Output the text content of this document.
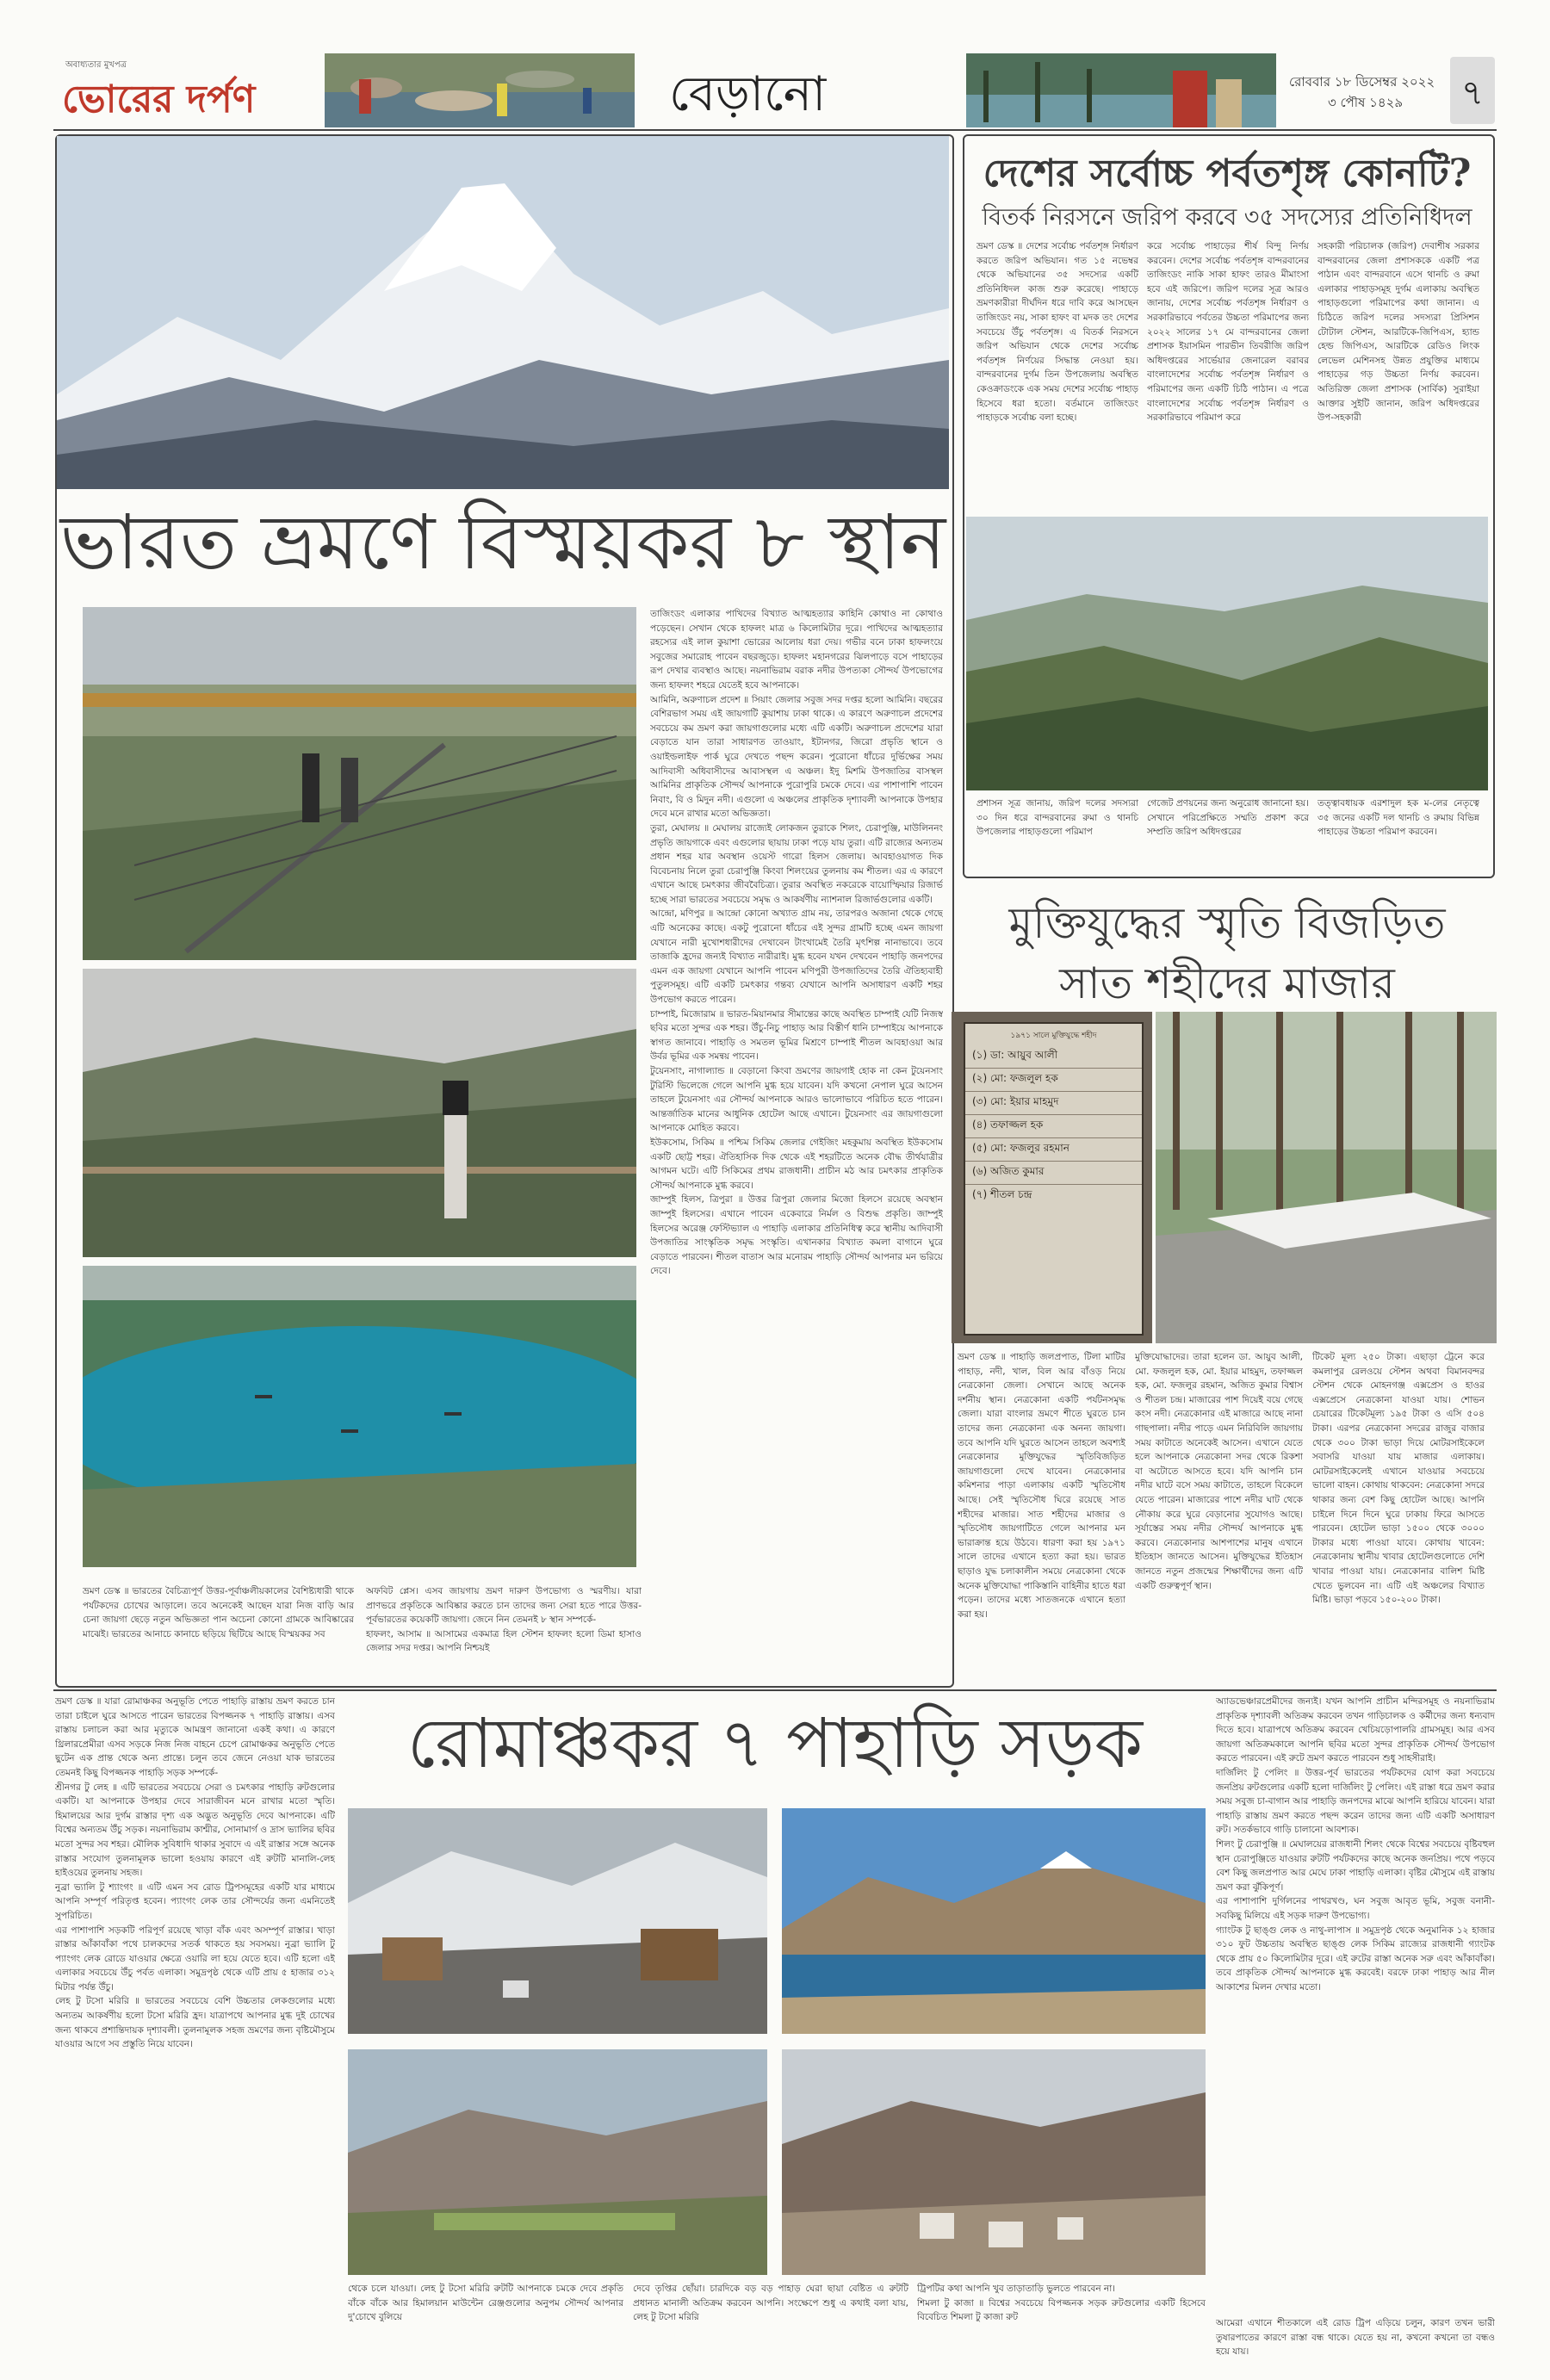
অবাধ্যতার মুখপত্র
ভোরের দর্পণ	বেড়ানো	রোববার ১৮ ডিসেম্বর ২০২২
৩ পৌষ ১৪২৯	৭
ভারত ভ্রমণে বিস্ময়কর ৮ স্থান
তাজিংডং এলাকার পাখিদের বিখ্যাত আত্মহত্যার কাহিনি কোথাও না কোথাও পড়েছেন। সেখান থেকে হাফলং মাত্র ৬ কিলোমিটার দূরে। পাখিদের আত্মহত্যার রহস্যের এই লাল কুয়াশা ভোরের আলোয় ধরা দেয়। গভীর বনে ঢাকা হাফলংয়ে সবুজের সমারোহ পাবেন বছরজুড়ে। হাফলং মহানগরের ঝিলপাড়ে বসে পাহাড়ের রূপ দেখার ব্যবস্থাও আছে। নয়নাভিরাম বরাক নদীর উপত্যকা সৌন্দর্য উপভোগের জন্য হাফলং শহরে যেতেই হবে আপনাকে।
আমিনি, অরুণাচল প্রদেশ ॥ সিয়াং জেলার সবুজ সদর দপ্তর হলো আমিনি। বছরের বেশিরভাগ সময় এই জায়গাটি কুয়াশায় ঢাকা থাকে। এ কারণে অরুণাচল প্রদেশের সবচেয়ে কম ভ্রমণ করা জায়গাগুলোর মধ্যে এটি একটি। অরুণাচল প্রদেশের যারা বেড়াতে যান তারা সাধারণত তাওয়াং, ইটানগর, জিরো প্রভৃতি স্থানে ও ওয়াইল্ডলাইফ পার্ক ঘুরে দেখতে পছন্দ করেন। পুরোনো ধাঁচের দুর্ভিক্ষের সময় আদিবাসী অধিবাসীদের আবাসস্থল এ অঞ্চল। ইদু মিশমি উপজাতির বাসস্থল আমিনির প্রাকৃতিক সৌন্দর্য আপনাকে পুরোপুরি চমকে দেবে। এর পাশাপাশি পাবেন নিবাং, বি ও মিদুন নদী। এগুলো এ অঞ্চলের প্রাকৃতিক দৃশ্যাবলী আপনাকে উপহার দেবে মনে রাখার মতো অভিজ্ঞতা।
তুরা, মেঘালয় ॥ মেঘালয় রাজ্যেই লোকজন তুরাকে শিলং, চেরাপুঞ্জি, মাউলিননং প্রভৃতি জায়গাকে এবং এগুলোর ছায়ায় ঢাকা পড়ে যায় তুরা। এটি রাজ্যের অন্যতম প্রধান শহর যার অবস্থান ওয়েস্ট গারো হিলস জেলায়। আবহাওয়াগত দিক বিবেচনায় নিলে তুরা চেরাপুঞ্জি কিংবা শিলংয়ের তুলনায় কম শীতল। এর এ কারণে এখানে আছে চমৎকার জীববৈচিত্র্য। তুরার অবস্থিত নকরেকে বায়োস্ফিয়ার রিজার্ভ হচ্ছে সারা ভারতের সবচেয়ে সমৃদ্ধ ও আকর্ষণীয় ন্যাশনাল রিজার্ভগুলোর একটি।
আন্দ্রো, মণিপুর ॥ আন্দ্রো কোনো অখ্যাত গ্রাম নয়, তারপরও অজানা থেকে গেছে এটি অনেকের কাছে। একটু পুরোনো ধাঁচের এই সুন্দর গ্রামটি হচ্ছে এমন জায়গা যেখানে নারী মুখোশধারীদের দেখাবেন টাংখামেই তৈরি মৃৎশিল্প নানাভাবে। তবে তাজাকি হ্রদের জন্যই বিখ্যাত নারীরাই। মুগ্ধ হবেন যখন দেখবেন পাহাড়ি জনপদের এমন এক জায়গা যেখানে আপনি পাবেন মণিপুরী উপজাতিদের তৈরি ঐতিহ্যবাহী পুতুলসমূহ। এটি একটি চমৎকার গন্তব্য যেখানে আপনি অসাধারণ একটি শহর উপভোগ করতে পারেন।
চাম্পাই, মিজোরাম ॥ ভারত-মিয়ানমার সীমান্তের কাছে অবস্থিত চাম্পাই যেটি নিজস্ব ছবির মতো সুন্দর এক শহর। উঁচু-নিচু পাহাড় আর বিস্তীর্ণ ধানি চাম্পাইয়ে আপনাকে স্বাগত জানাবে। পাহাড়ি ও সমতল ভূমির মিশ্রণে চাম্পাই শীতল আবহাওয়া আর উর্বর ভূমির এক সমন্বয় পাবেন।
টুয়েনসাং, নাগাল্যান্ড ॥ বেড়ানো কিংবা ভ্রমণের জায়গাই হোক না কেন টুয়েনসাং টুরিস্টি ভিলেজে গেলে আপনি মুগ্ধ হয়ে যাবেন। যদি কখনো নেপাল ঘুরে আসেন তাহলে টুয়েনসাং এর সৌন্দর্য আপনাকে আরও ভালোভাবে পরিচিত হতে পারেন। আন্তর্জাতিক মানের আধুনিক হোটেল আছে এখানে। টুয়েনসাং এর জায়গাগুলো আপনাকে মোহিত করবে।
ইউকসোম, সিকিম ॥ পশ্চিম সিকিম জেলার গেইজিং মহকুমায় অবস্থিত ইউকসোম একটি ছোট্ট শহর। ঐতিহাসিক দিক থেকে এই শহরটিতে অনেক বৌদ্ধ তীর্থযাত্রীর আগমন ঘটে। এটি সিকিমের প্রথম রাজধানী। প্রাচীন মঠ আর চমৎকার প্রাকৃতিক সৌন্দর্য আপনাকে মুগ্ধ করবে।
জাম্পুই হিলস, ত্রিপুরা ॥ উত্তর ত্রিপুরা জেলার মিজো হিলসে রয়েছে অবস্থান জাম্পুই হিলসের। এখানে পাবেন একেবারে নির্মল ও বিশুদ্ধ প্রকৃতি। জাম্পুই হিলসের অরেঞ্জ ফেস্টিভ্যাল এ পাহাড়ি এলাকার প্রতিনিধিত্ব করে স্থানীয় আদিবাসী উপজাতির সাংস্কৃতিক সমৃদ্ধ সংস্কৃতি। এখানকার বিখ্যাত কমলা বাগানে ঘুরে বেড়াতে পারবেন। শীতল বাতাস আর মনোরম পাহাড়ি সৌন্দর্য আপনার মন ভরিয়ে দেবে।
ভ্রমণ ডেস্ক ॥ ভারতের বৈচিত্র্যপূর্ণ উত্তর-পূর্বাঞ্চলীয়কালের বৈশিষ্ট্যধারী থাকে পর্যটকদের চোখের আড়ালে। তবে অনেকেই আছেন যারা নিজ বাড়ি আর চেনা জায়গা ছেড়ে নতুন অভিজ্ঞতা পান অচেনা কোনো গ্রামকে আবিষ্কারের মাঝেই। ভারতের আনাচে কানাচে ছড়িয়ে ছিটিয়ে আছে বিস্ময়কর সব
অফবিট প্লেস। এসব জায়গায় ভ্রমণ দারুণ উপভোগ্য ও স্মরণীয়। যারা প্রাণভরে প্রকৃতিকে আবিষ্কার করতে চান তাদের জন্য সেরা হতে পারে উত্তর-পূর্বভারতের কয়েকটি জায়গা। জেনে নিন তেমনই ৮ স্থান সম্পর্কে-
হাফলং, আসাম ॥ আসামের একমাত্র হিল স্টেশন হাফলং হলো ডিমা হাসাও জেলার সদর দপ্তর। আপনি নিশ্চয়ই
দেশের সর্বোচ্চ পর্বতশৃঙ্গ কোনটি?
বিতর্ক নিরসনে জরিপ করবে ৩৫ সদস্যের প্রতিনিধিদল
ভ্রমণ ডেস্ক ॥ দেশের সর্বোচ্চ পর্বতশৃঙ্গ নির্ধারণ করতে জরিপ অভিযান। গত ১৫ নভেম্বর থেকে অভিযানের ৩৫ সদস্যের একটি প্রতিনিধিদল কাজ শুরু করেছে। পাহাড়ে ভ্রমণকারীরা দীর্ঘদিন ধরে দাবি করে আসছেন তাজিংডং নয়, সাকা হাফং বা মদক তং দেশের সবচেয়ে উঁচু পর্বতশৃঙ্গ। এ বিতর্ক নিরসনে জরিপ অভিযান থেকে দেশের সর্বোচ্চ পর্বতশৃঙ্গ নির্ণয়ের সিদ্ধান্ত নেওয়া হয়। বান্দরবানের দুর্গম তিন উপজেলায় অবস্থিত কেওক্রাডংকে এক সময় দেশের সর্বোচ্চ পাহাড় হিসেবে ধরা হতো। বর্তমানে তাজিংডং পাহাড়কে সর্বোচ্চ বলা হচ্ছে।
করে সর্বোচ্চ পাহাড়ের শীর্ষ বিন্দু নির্ণয় করবেন। দেশের সর্বোচ্চ পর্বতশৃঙ্গ বান্দরবানের তাজিংডং নাকি সাকা হাফং তারও মীমাংসা হবে এই জরিপে। জরিপ দলের সূত্র আরও জানায়, দেশের সর্বোচ্চ পর্বতশৃঙ্গ নির্ধারণ ও সরকারিভাবে পর্বতের উচ্চতা পরিমাপের জন্য ২০২২ সালের ১৭ মে বান্দরবানের জেলা প্রশাসক ইয়াসমিন পারভীন তিবরীজি জরিপ অধিদপ্তরের সার্ভেয়ার জেনারেল বরাবর বাংলাদেশের সর্বোচ্চ পর্বতশৃঙ্গ নির্ধারণ ও পরিমাপের জন্য একটি চিঠি পাঠান। এ পত্রে বাংলাদেশের সর্বোচ্চ পর্বতশৃঙ্গ নির্ধারণ ও সরকারিভাবে পরিমাপ করে
সহকারী পরিচালক (জরিপ) দেবাশীষ সরকার বান্দরবানের জেলা প্রশাসককে একটি পত্র পাঠান এবং বান্দরবানে এসে থানচি ও রুমা এলাকার পাহাড়সমূহ দুর্গম এলাকায় অবস্থিত পাহাড়গুলো পরিমাপের কথা জানান। এ চিঠিতে জরিপ দলের সদস্যরা প্রিসিশন টোটাল স্টেশন, আরটিকে-জিপিএস, হ্যান্ড হেল্ড জিপিএস, আরটিকে রেডিও লিংক লেভেল মেশিনসহ উন্নত প্রযুক্তির মাধ্যমে পাহাড়ের গড় উচ্চতা নির্ণয় করবেন। অতিরিক্ত জেলা প্রশাসক (সার্বিক) সুরাইয়া আক্তার সুইটি জানান, জরিপ অধিদপ্তরের উপ-সহকারী
প্রশাসন সূত্র জানায়, জরিপ দলের সদস্যরা ৩০ দিন ধরে বান্দরবানের রুমা ও থানচি উপজেলার পাহাড়গুলো পরিমাপ
গেজেট প্রণয়নের জন্য অনুরোধ জানানো হয়। সেখানে পরিপ্রেক্ষিতে সম্মতি প্রকাশ করে সম্প্রতি জরিপ অধিদপ্তরের
তত্ত্বাবধায়ক এরশাদুল হক ম-লের নেতৃত্বে ৩৫ জনের একটি দল থানচি ও রুমায় বিভিন্ন পাহাড়ের উচ্চতা পরিমাপ করবেন।
মুক্তিযুদ্ধের স্মৃতি বিজড়িত
সাত শহীদের মাজার
১৯৭১ সালে মুক্তিযুদ্ধে শহীদ
(১) ডা: আয়ুব আলী
(২) মো: ফজলুল হক
(৩) মো: ইয়ার মাহমুদ
(৪) তফাজ্জল হক
(৫) মো: ফজলুর রহমান
(৬) অজিত কুমার
(৭) শীতল চন্দ্র
ভ্রমণ ডেস্ক ॥ পাহাড়ি জলপ্রপাত, টিলা মাটির পাহাড়, নদী, খাল, বিল আর বাঁওড় নিয়ে নেত্রকোনা জেলা। সেখানে আছে অনেক দর্শনীয় স্থান। নেত্রকোনা একটি পর্যটনসমৃদ্ধ জেলা। যারা বাংলার ভ্রমণে শীতে ঘুরতে চান তাদের জন্য নেত্রকোনা এক অনন্য জায়গা। তবে আপনি যদি ঘুরতে আসেন তাহলে অবশ্যই নেত্রকোনার মুক্তিযুদ্ধের স্মৃতিবিজড়িত জায়গাগুলো দেখে যাবেন। নেত্রকোনার কমিশনার পাড়া এলাকায় একটি স্মৃতিসৌধ আছে। সেই স্মৃতিসৌধ ঘিরে রয়েছে সাত শহীদের মাজার। সাত শহীদের মাজার ও স্মৃতিসৌধ জায়গাটিতে গেলে আপনার মন ভারাক্রান্ত হয়ে উঠবে। ধারণা করা হয় ১৯৭১ সালে তাদের এখানে হত্যা করা হয়। ভারত ছাড়াও যুদ্ধ চলাকালীন সময়ে নেত্রকোনা থেকে অনেক মুক্তিযোদ্ধা পাকিস্তানি বাহিনীর হাতে ধরা পড়েন। তাদের মধ্যে সাতজনকে এখানে হত্যা করা হয়।
মুক্তিযোদ্ধাদের। তারা হলেন ডা. আয়ুব আলী, মো. ফজলুল হক, মো. ইয়ার মাহমুদ, তফাজ্জল হক, মো. ফজলুর রহমান, অজিত কুমার বিশ্বাস ও শীতল চন্দ্র। মাজারের পাশ দিয়েই বয়ে গেছে কংস নদী। নেত্রকোনার এই মাজারে আছে নানা গাছপালা। নদীর পাড়ে এমন নিরিবিলি জায়গায় সময় কাটাতে অনেকেই আসেন। এখানে যেতে হলে আপনাকে নেত্রকোনা সদর থেকে রিকশা বা অটোতে আসতে হবে। যদি আপনি চান নদীর ঘাটে বসে সময় কাটাতে, তাহলে বিকেলে যেতে পারেন। মাজারের পাশে নদীর ঘাট থেকে নৌকায় করে ঘুরে বেড়ানোর সুযোগও আছে। সূর্যাস্তের সময় নদীর সৌন্দর্য আপনাকে মুগ্ধ করবে। নেত্রকোনার আশপাশের মানুষ এখানে ইতিহাস জানতে আসেন। মুক্তিযুদ্ধের ইতিহাস জানতে নতুন প্রজন্মের শিক্ষার্থীদের জন্য এটি একটি গুরুত্বপূর্ণ স্থান।
টিকেট মূল্য ২৫০ টাকা। এছাড়া ট্রেনে করে কমলাপুর রেলওয়ে স্টেশন অথবা বিমানবন্দর স্টেশন থেকে মোহনগঞ্জ এক্সপ্রেস ও হাওর এক্সপ্রেসে নেত্রকোনা যাওয়া যায়। শোভন চেয়ারের টিকেটমূল্য ১৯৫ টাকা ও এসি ৫০৪ টাকা। এরপর নেত্রকোনা সদরের রাজুর বাজার থেকে ৩০০ টাকা ভাড়া দিয়ে মোটরসাইকেলে সবাসরি যাওয়া যায় মাজার এলাকায়। মোটরসাইকেলেই এখানে যাওয়ার সবচেয়ে ভালো বাহন। কোথায় থাকবেন: নেত্রকোনা সদরে থাকার জন্য বেশ কিছু হোটেল আছে। আপনি চাইলে দিনে দিনে ঘুরে ঢাকায় ফিরে আসতে পারবেন। হোটেল ভাড়া ১৫০০ থেকে ৩০০০ টাকার মধ্যে পাওয়া যাবে। কোথায় খাবেন: নেত্রকোনায় স্থানীয় খাবার হোটেলগুলোতে দেশি খাবার পাওয়া যায়। নেত্রকোনার বালিশ মিষ্টি খেতে ভুলবেন না। এটি এই অঞ্চলের বিখ্যাত মিষ্টি। ভাড়া পড়বে ১৫০-২০০ টাকা।
রোমাঞ্চকর ৭ পাহাড়ি সড়ক
ভ্রমণ ডেস্ক ॥ যারা রোমাঞ্চকর অনুভূতি পেতে পাহাড়ি রাস্তায় ভ্রমণ করতে চান তারা চাইলে ঘুরে আসতে পারেন ভারতের বিপজ্জনক ৭ পাহাড়ি রাস্তায়। এসব রাস্তায় চলাচল করা আর মৃত্যুকে আমন্ত্রণ জানানো একই কথা। এ কারণে থ্রিলারপ্রেমীরা এসব সড়কে নিজ নিজ বাহনে চেপে রোমাঞ্চকর অনুভূতি পেতে ছুটেন এক প্রান্ত থেকে অন্য প্রান্তে। চলুন তবে জেনে নেওয়া যাক ভারতের তেমনই কিছু বিপজ্জনক পাহাড়ি সড়ক সম্পর্কে-
শ্রীনগর টু লেহ ॥ এটি ভারতের সবচেয়ে সেরা ও চমৎকার পাহাড়ি রুটগুলোর একটি। যা আপনাকে উপহার দেবে সারাজীবন মনে রাখার মতো স্মৃতি। হিমালয়ের আর দুর্গম রাস্তার দৃশ্য এক অদ্ভুত অনুভূতি দেবে আপনাকে। এটি বিশ্বের অন্যতম উঁচু সড়ক। নয়নাভিরাম কাশ্মীর, সোনামার্গ ও দ্রাস ভ্যালির ছবির মতো সুন্দর সব শহর। মৌলিক সুবিধাদি থাকার সুবাদে এ এই রাস্তার সঙ্গে অনেক রাস্তার সংযোগ তুলনামূলক ভালো হওয়ায় কারণে এই রুটটি মানালি-লেহ হাইওয়ের তুলনায় সহজ।
নুব্রা ভ্যালি টু শ্যাংগং ॥ এটি এমন সব রোড ট্রিপসমূহের একটি যার মাধ্যমে আপনি সম্পূর্ণ পরিতৃপ্ত হবেন। প্যাংগং লেক তার সৌন্দর্যের জন্য এমনিতেই সুপরিচিত।
এর পাশাপাশি সড়কটি পরিপূর্ণ রয়েছে খাড়া বাঁক এবং অসম্পূর্ণ রাস্তার। খাড়া রাস্তার আঁকাবাঁকা পথে চালকদের সতর্ক থাকতে হয় সবসময়। নুব্রা ভ্যালি টু প্যাংগং লেক রোডে যাওয়ার ক্ষেত্রে ওয়ারি লা হয়ে যেতে হবে। এটি হলো এই এলাকার সবচেয়ে উঁচু পর্বত এলাকা। সমুদ্রপৃষ্ঠ থেকে এটি প্রায় ৫ হাজার ৩১২ মিটার পর্যন্ত উঁচু।
লেহ টু টসো মরিরি ॥ ভারতের সবচেয়ে বেশি উচ্চতার লেকগুলোর মধ্যে অন্যতম আকর্ষণীয় হলো টসো মরিরি হ্রদ। যাত্রাপথে আপনার মুগ্ধ দুই চোখের জন্য থাকবে প্রশান্তিদায়ক দৃশ্যাবলী। তুলনামূলক সহজ ভ্রমণের জন্য বৃষ্টিমৌসুমে যাওয়ার আগে সব প্রস্তুতি নিয়ে যাবেন।
অ্যাডভেঞ্চারপ্রেমীদের জন্যই। যখন আপনি প্রাচীন মন্দিরসমূহ ও নয়নাভিরাম প্রাকৃতিক দৃশ্যাবলী অতিক্রম করবেন তখন গাড়িচালক ও কর্মীদের জন্য ধন্যবাদ দিতে হবে। যাত্রাপথে অতিক্রম করবেন খেচিয়ড়োপালরি গ্রামসমূহ। আর এসব জায়গা অতিক্রমকালে আপনি ছবির মতো সুন্দর প্রাকৃতিক সৌন্দর্য উপভোগ করতে পারবেন। এই রুটে ভ্রমণ করতে পারবেন শুধু সাহসীরাই।
দার্জিলিং টু পেলিং ॥ উত্তর-পূর্ব ভারতের পর্যটকদের যোগ করা সবচেয়ে জনপ্রিয় রুটগুলোর একটি হলো দার্জিলিং টু পেলিং। এই রাস্তা ধরে ভ্রমণ করার সময় সবুজ চা-বাগান আর পাহাড়ি জনপদের মাঝে আপনি হারিয়ে যাবেন। যারা পাহাড়ি রাস্তায় ভ্রমণ করতে পছন্দ করেন তাদের জন্য এটি একটি অসাধারণ রুট। সতর্কভাবে গাড়ি চালানো আবশ্যক।
শিলং টু চেরাপুঞ্জি ॥ মেঘালয়ের রাজধানী শিলং থেকে বিশ্বের সবচেয়ে বৃষ্টিবহুল স্থান চেরাপুঞ্জিতে যাওয়ার রুটটি পর্যটকদের কাছে অনেক জনপ্রিয়। পথে পড়বে বেশ কিছু জলপ্রপাত আর মেঘে ঢাকা পাহাড়ি এলাকা। বৃষ্টির মৌসুমে এই রাস্তায় ভ্রমণ করা ঝুঁকিপূর্ণ।
এর পাশাপাশি দুর্গিলনের পাথরখণ্ড, ঘন সবুজ আবৃত ভূমি, সবুজ বনানী-সবকিছু মিলিয়ে এই সড়ক দারুণ উপভোগ্য।
গ্যাংটক টু ছাঙ্গু লেক ও নাথু-লাপাস ॥ সমুদ্রপৃষ্ঠ থেকে অনুমানিক ১২ হাজার ৩১০ ফুট উচ্চতায় অবস্থিত ছাঙ্গু লেক সিকিম রাজ্যের রাজধানী গ্যাংটক থেকে প্রায় ৫০ কিলোমিটার দূরে। এই রুটের রাস্তা অনেক সরু এবং আঁকাবাঁকা। তবে প্রাকৃতিক সৌন্দর্য আপনাকে মুগ্ধ করবেই। বরফে ঢাকা পাহাড় আর নীল আকাশের মিলন দেখার মতো।
থেকে চলে যাওয়া। লেহ টু টসো মরিরি রুটটি আপনাকে চমকে দেবে প্রকৃতি বাঁকে বাঁকে আর হিমালয়ান মাউন্টেন রেঞ্জগুলোর অনুপম সৌন্দর্য আপনার দু'চোখে বুলিয়ে
দেবে তৃপ্তির ছোঁয়া। চারদিকে বড় বড় পাহাড় ঘেরা ছায়া বেষ্টিত এ রুটটি প্রধানত মানালী অতিক্রম করবেন আপনি। সংক্ষেপে শুধু এ কথাই বলা যায়, লেহ টু টসো মরিরি
ট্রিপটির কথা আপনি খুব তাড়াতাড়ি ভুলতে পারবেন না।
শিমলা টু কাজা ॥ বিশ্বের সবচেয়ে বিপজ্জনক সড়ক রুটগুলোর একটি হিসেবে বিবেচিত শিমলা টু কাজা রুট
আমেরা এখানে শীতকালে এই রোড ট্রিপ এড়িয়ে চলুন, কারণ তখন ভারী তুষারপাতের কারণে রাস্তা বন্ধ থাকে। যেতে হয় না, কখনো কখনো তা বন্ধও হয়ে যায়।
